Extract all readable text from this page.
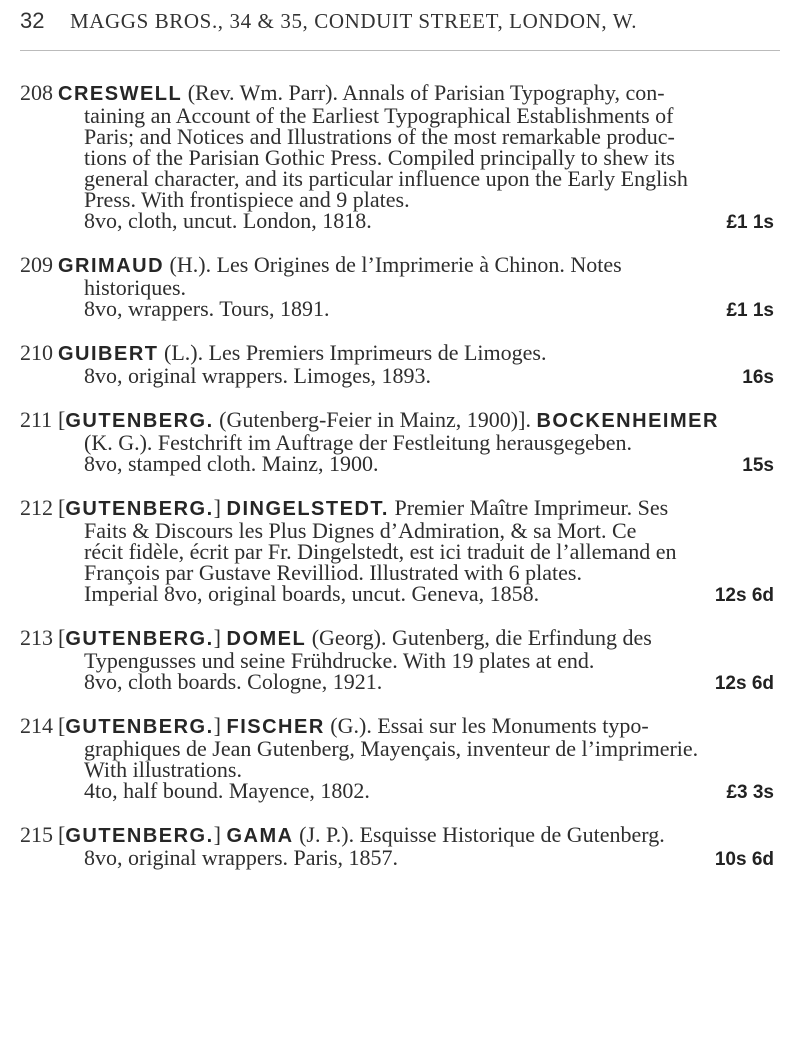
32 MAGGS BROS., 34 & 35, CONDUIT STREET, LONDON, W.
208 CRESWELL (Rev. Wm. Parr). Annals of Parisian Typography, con-
taining an Account of the Earliest Typographical Establishments of
Paris; and Notices and Illustrations of the most remarkable produc-
tions of the Parisian Gothic Press. Compiled principally to shew its
general character, and its particular influence upon the Early English
Press. With frontispiece and 9 plates.
8vo, cloth, uncut. London, 1818.	£1 1s
209 GRIMAUD (H.). Les Origines de l’Imprimerie à Chinon. Notes
historiques.
8vo, wrappers. Tours, 1891.	£1 1s
210 GUIBERT (L.). Les Premiers Imprimeurs de Limoges.
8vo, original wrappers. Limoges, 1893.	16s
211 [GUTENBERG. (Gutenberg-Feier in Mainz, 1900)]. BOCKENHEIMER
(K. G.). Festchrift im Auftrage der Festleitung herausgegeben.
8vo, stamped cloth. Mainz, 1900.	15s
212 [GUTENBERG.] DINGELSTEDT. Premier Maître Imprimeur. Ses
Faits & Discours les Plus Dignes d’Admiration, & sa Mort. Ce
récit fidèle, écrit par Fr. Dingelstedt, est ici traduit de l’allemand en
François par Gustave Revilliod. Illustrated with 6 plates.
Imperial 8vo, original boards, uncut. Geneva, 1858.	12s 6d
213 [GUTENBERG.] DOMEL (Georg). Gutenberg, die Erfindung des
Typengusses und seine Frühdrucke. With 19 plates at end.
8vo, cloth boards. Cologne, 1921.	12s 6d
214 [GUTENBERG.] FISCHER (G.). Essai sur les Monuments typo-
graphiques de Jean Gutenberg, Mayençais, inventeur de l’imprimerie.
With illustrations.
4to, half bound. Mayence, 1802.	£3 3s
215 [GUTENBERG.] GAMA (J. P.). Esquisse Historique de Gutenberg.
8vo, original wrappers. Paris, 1857.	10s 6d
